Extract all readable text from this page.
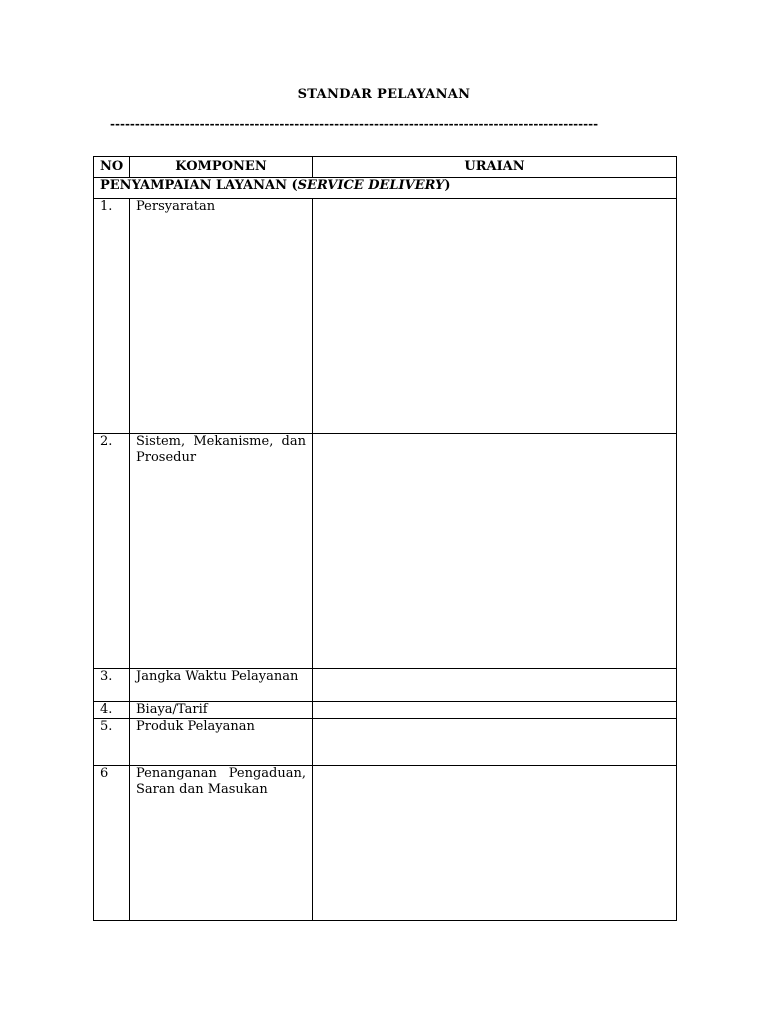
STANDAR PELAYANAN
--------------------------------------------------------------------------------------------------
NO	KOMPONEN	URAIAN
PENYAMPAIAN LAYANAN (SERVICE DELIVERY)		
1.	Persyaratan	
2.	Sistem, Mekanisme, dan Prosedur	
3.	Jangka Waktu Pelayanan	
4.	Biaya/Tarif	
5.	Produk Pelayanan	
6	Penanganan Pengaduan, Saran dan Masukan	
